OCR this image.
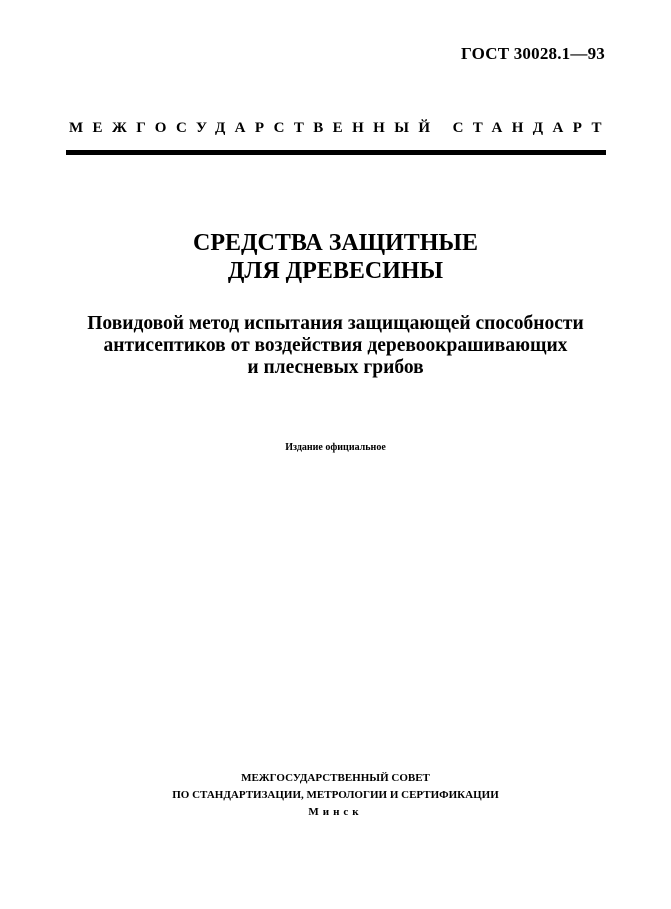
ГОСТ 30028.1—93
МЕЖГОСУДАРСТВЕННЫЙ СТАНДАРТ
СРЕДСТВА ЗАЩИТНЫЕ
ДЛЯ ДРЕВЕСИНЫ
Повидовой метод испытания защищающей способности
антисептиков от воздействия деревоокрашивающих
и плесневых грибов
Издание официальное
МЕЖГОСУДАРСТВЕННЫЙ СОВЕТ
ПО СТАНДАРТИЗАЦИИ, МЕТРОЛОГИИ И СЕРТИФИКАЦИИ
Минск
